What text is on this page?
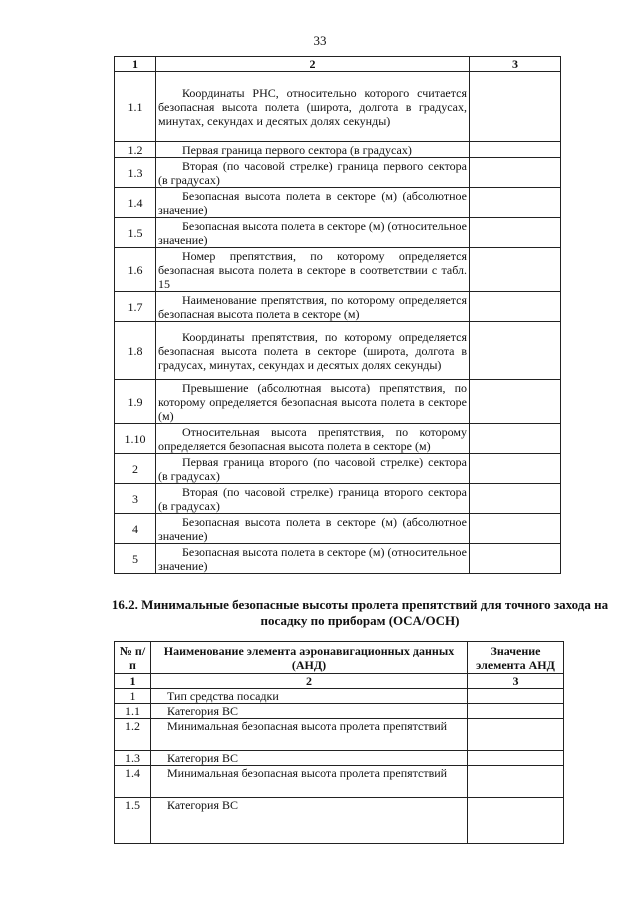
33
1	2	3
1.1	Координаты РНС, относительно которого считается безопасная высота полета (широта, долгота в градусах, минутах, секундах и десятых долях секунды)	
1.2	Первая граница первого сектора (в градусах)	
1.3	Вторая (по часовой стрелке) граница первого сектора (в градусах)	
1.4	Безопасная высота полета в секторе (м) (абсолютное значение)	
1.5	Безопасная высота полета в секторе (м) (относительное значение)	
1.6	Номер препятствия, по которому определяется безопасная высота полета в секторе в соответствии с табл. 15	
1.7	Наименование препятствия, по которому определяется безопасная высота полета в секторе (м)	
1.8	Координаты препятствия, по которому определяется безопасная высота полета в секторе (широта, долгота в градусах, минутах, секундах и десятых долях секунды)	
1.9	Превышение (абсолютная высота) препятствия, по которому определяется безопасная высота полета в секторе (м)	
1.10	Относительная высота препятствия, по которому определяется безопасная высота полета в секторе (м)	
2	Первая граница второго (по часовой стрелке) сектора (в градусах)	
3	Вторая (по часовой стрелке) граница второго сектора (в градусах)	
4	Безопасная высота полета в секторе (м) (абсолютное значение)	
5	Безопасная высота полета в секторе (м) (относительное значение)	
16.2. Минимальные безопасные высоты пролета препятствий для точного захода на посадку по приборам (OCA/OCH)
№ п/п	Наименование элемента аэронавигационных данных (АНД)	Значение элемента АНД
1	2	3
1	Тип средства посадки	
1.1	Категория ВС	
1.2	Минимальная безопасная высота пролета препятствий	
1.3	Категория ВС	
1.4	Минимальная безопасная высота пролета препятствий	
1.5	Категория ВС	
